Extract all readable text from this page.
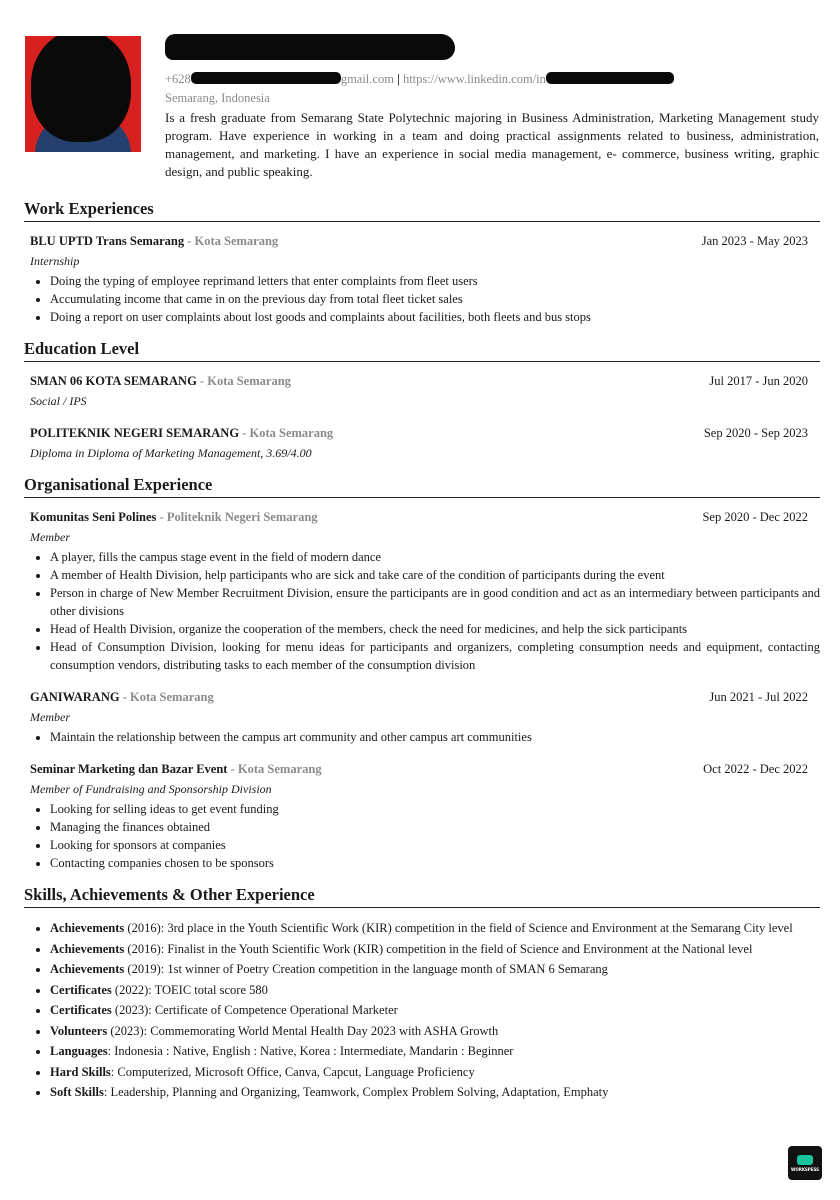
+628	gmail.com | https://www.linkedin.com/in
Semarang, Indonesia
Is a fresh graduate from Semarang State Polytechnic majoring in Business Administration, Marketing Management study program. Have experience in working in a team and doing practical assignments related to business, administration, management, and marketing. I have an experience in social media management, e- commerce, business writing, graphic design, and public speaking.
Work Experiences
BLU UPTD Trans Semarang - Kota Semarang	Jan 2023 - May 2023
Internship
• Doing the typing of employee reprimand letters that enter complaints from fleet users
• Accumulating income that came in on the previous day from total fleet ticket sales
• Doing a report on user complaints about lost goods and complaints about facilities, both fleets and bus stops
Education Level
SMAN 06 KOTA SEMARANG - Kota Semarang	Jul 2017 - Jun 2020
Social / IPS
POLITEKNIK NEGERI SEMARANG - Kota Semarang	Sep 2020 - Sep 2023
Diploma in Diploma of Marketing Management, 3.69/4.00
Organisational Experience
Komunitas Seni Polines - Politeknik Negeri Semarang	Sep 2020 - Dec 2022
Member
• A player, fills the campus stage event in the field of modern dance
• A member of Health Division, help participants who are sick and take care of the condition of participants during the event
• Person in charge of New Member Recruitment Division, ensure the participants are in good condition and act as an intermediary between participants and other divisions
• Head of Health Division, organize the cooperation of the members, check the need for medicines, and help the sick participants
• Head of Consumption Division, looking for menu ideas for participants and organizers, completing consumption needs and equipment, contacting consumption vendors, distributing tasks to each member of the consumption division
GANIWARANG - Kota Semarang	Jun 2021 - Jul 2022
Member
• Maintain the relationship between the campus art community and other campus art communities
Seminar Marketing dan Bazar Event - Kota Semarang	Oct 2022 - Dec 2022
Member of Fundraising and Sponsorship Division
• Looking for selling ideas to get event funding
• Managing the finances obtained
• Looking for sponsors at companies
• Contacting companies chosen to be sponsors
Skills, Achievements & Other Experience
• Achievements (2016): 3rd place in the Youth Scientific Work (KIR) competition in the field of Science and Environment at the Semarang City level
• Achievements (2016): Finalist in the Youth Scientific Work (KIR) competition in the field of Science and Environment at the National level
• Achievements (2019): 1st winner of Poetry Creation competition in the language month of SMAN 6 Semarang
• Certificates (2022): TOEIC total score 580
• Certificates (2023): Certificate of Competence Operational Marketer
• Volunteers (2023): Commemorating World Mental Health Day 2023 with ASHA Growth
• Languages: Indonesia : Native, English : Native, Korea : Intermediate, Mandarin : Beginner
• Hard Skills: Computerized, Microsoft Office, Canva, Capcut, Language Proficiency
• Soft Skills: Leadership, Planning and Organizing, Teamwork, Complex Problem Solving, Adaptation, Emphaty
WORKSPESS
